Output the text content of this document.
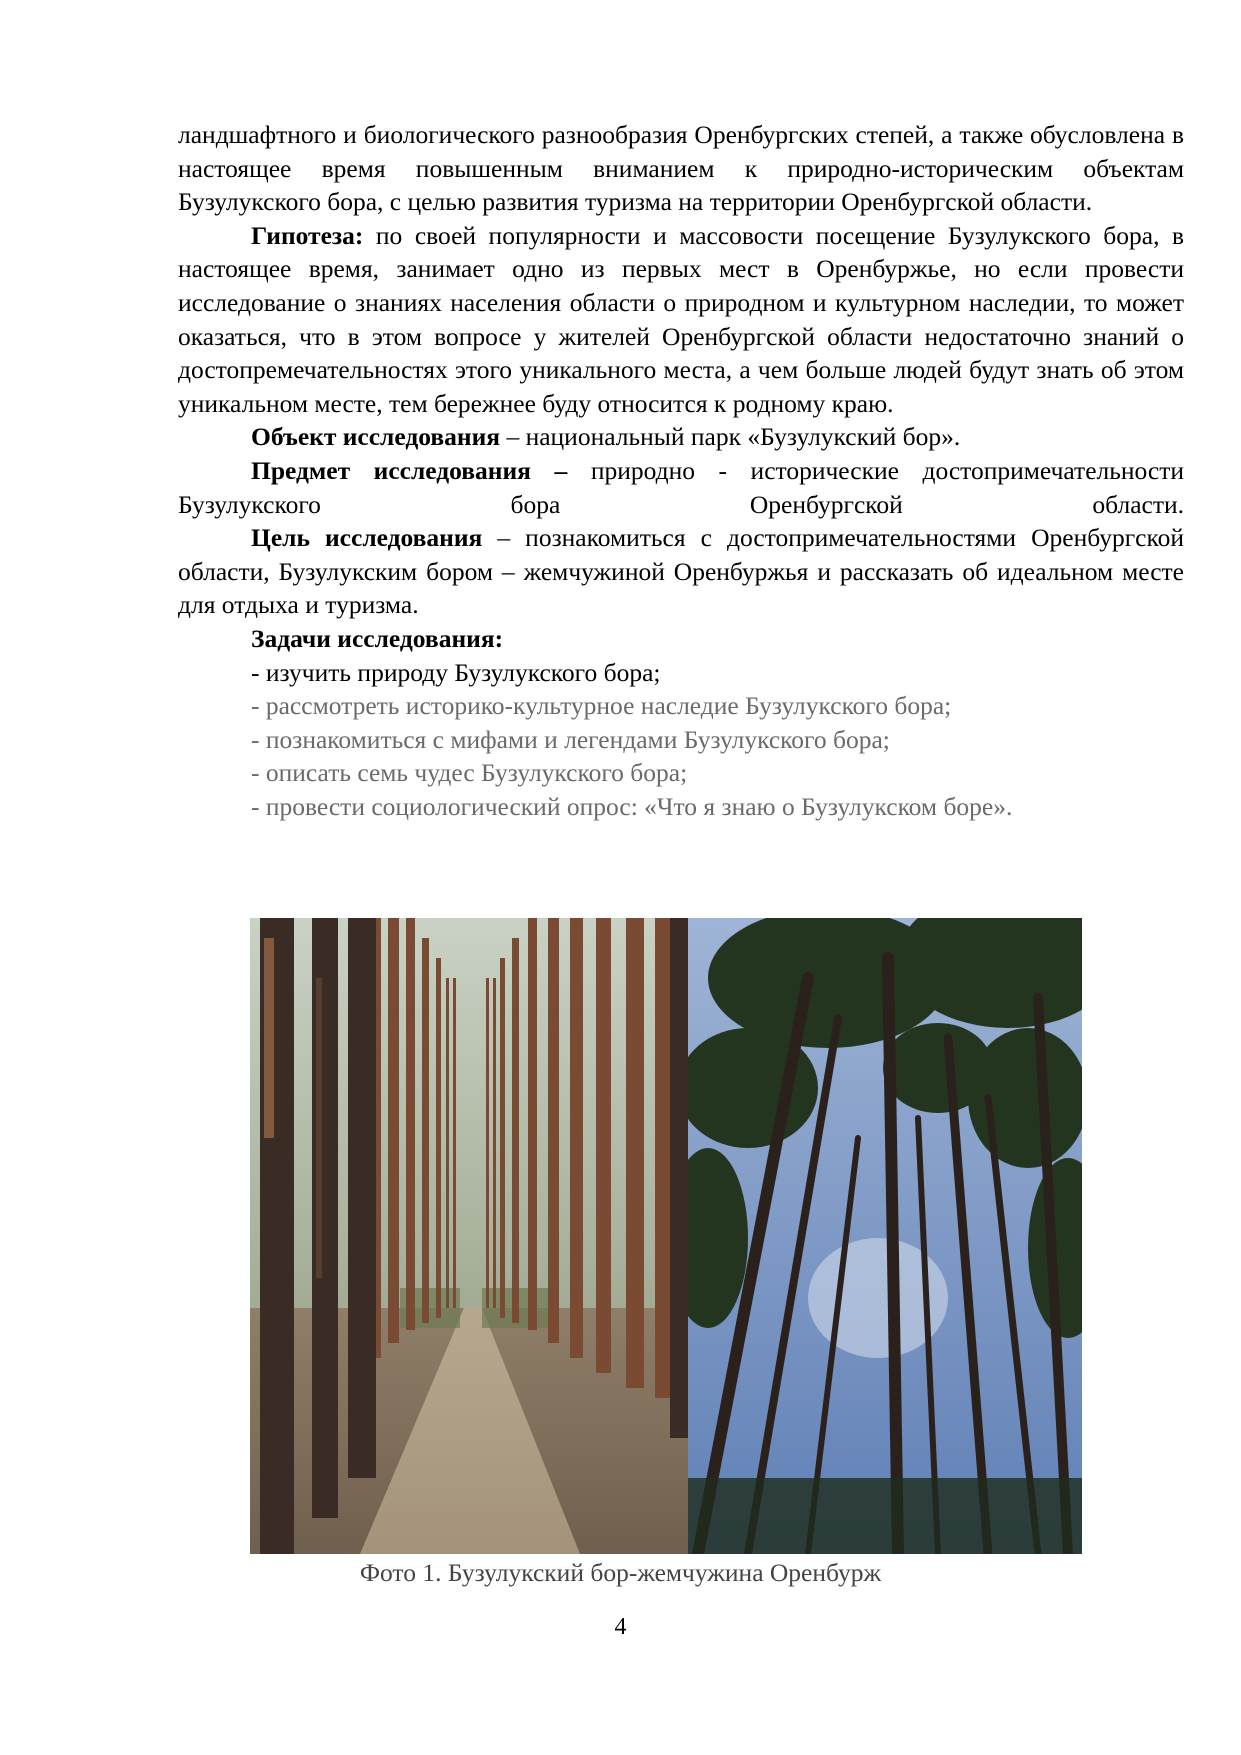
ландшафтного и биологического разнообразия Оренбургских степей, а также обусловлена в настоящее время повышенным вниманием к природно-историческим объектам Бузулукского бора, с целью развития туризма на территории Оренбургской области.

Гипотеза: по своей популярности и массовости посещение Бузулукского бора, в настоящее время, занимает одно из первых мест в Оренбуржье, но если провести исследование о знаниях населения области о природном и культурном наследии, то может оказаться, что в этом вопросе у жителей Оренбургской области недостаточно знаний о достопремечательностях этого уникального места, а чем больше людей будут знать об этом уникальном месте, тем бережнее буду относится к родному краю.

Объект исследования – национальный парк «Бузулукский бор».

Предмет исследования – природно - исторические достопримечательности Бузулукского бора Оренбургской области.

Цель исследования – познакомиться с достопримечательностями Оренбургской области, Бузулукским бором – жемчужиной Оренбуржья и рассказать об идеальном месте для отдыха и туризма.

Задачи исследования:

- изучить природу Бузулукского бора;

- рассмотреть историко-культурное наследие Бузулукского бора;

- познакомиться с мифами и легендами Бузулукского бора;

- описать семь чудес Бузулукского бора;

- провести социологический опрос: «Что я знаю о Бузулукском боре».

Фото 1. Бузулукский бор-жемчужина Оренбурж
4
